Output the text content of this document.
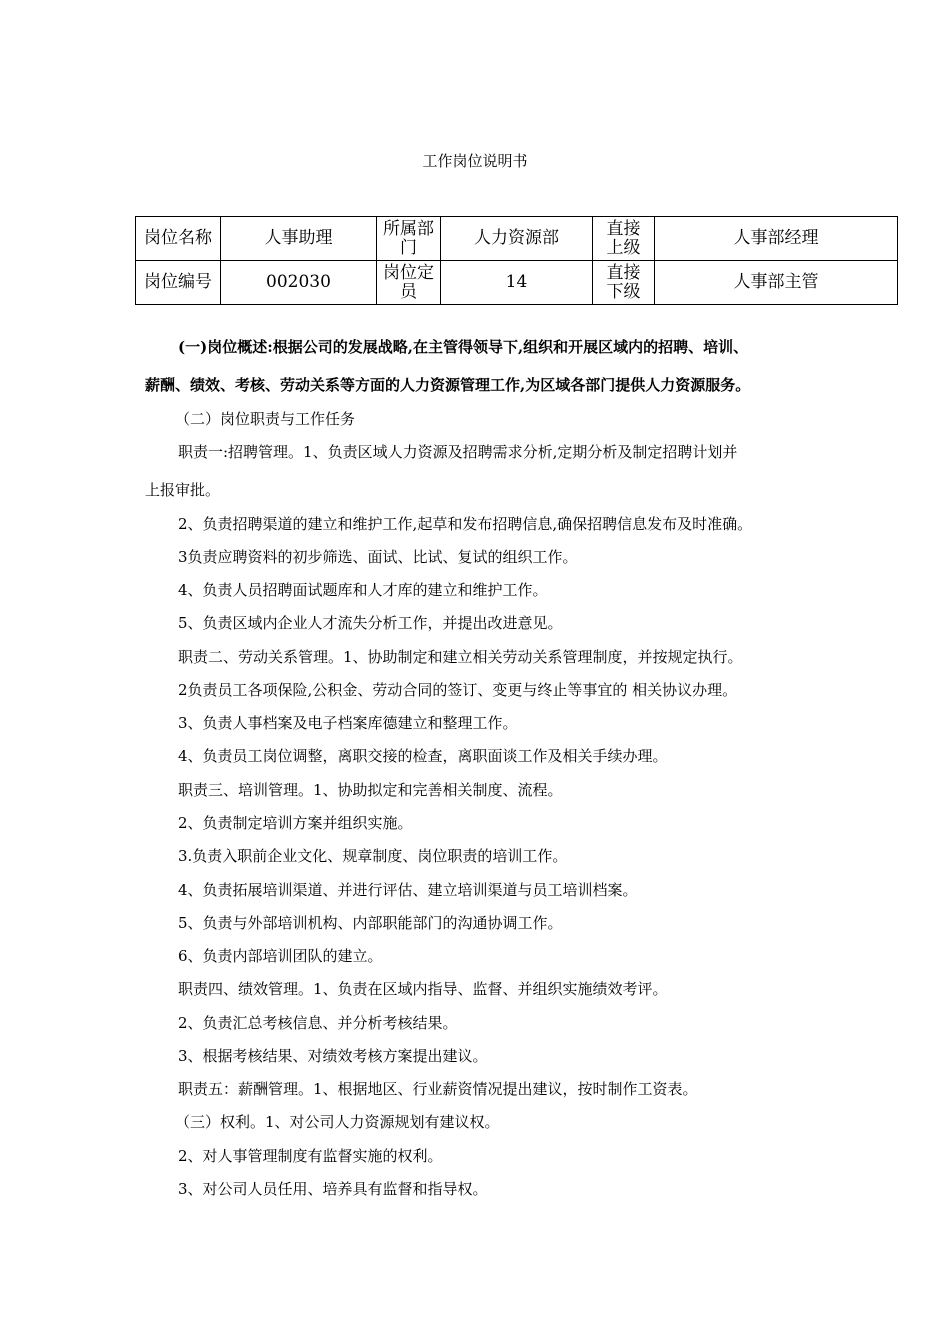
工作岗位说明书
岗位名称	人事助理	所属部门	人力资源部	直接上级	人事部经理
岗位编号	002030	岗位定员	14	直接下级	人事部主管
(一)岗位概述:根据公司的发展战略,在主管得领导下,组织和开展区域内的招聘、培训、
薪酬、绩效、考核、劳动关系等方面的人力资源管理工作,为区域各部门提供人力资源服务。
（二）岗位职责与工作任务
职责一:招聘管理。1、负责区域人力资源及招聘需求分析,定期分析及制定招聘计划并
上报审批。
2、负责招聘渠道的建立和维护工作,起草和发布招聘信息,确保招聘信息发布及时准确。
3负责应聘资料的初步筛选、面试、比试、复试的组织工作。
4、负责人员招聘面试题库和人才库的建立和维护工作。
5、负责区域内企业人才流失分析工作，并提出改进意见。
职责二、劳动关系管理。1、协助制定和建立相关劳动关系管理制度，并按规定执行。
2负责员工各项保险,公积金、劳动合同的签订、变更与终止等事宜的 相关协议办理。
3、负责人事档案及电子档案库德建立和整理工作。
4、负责员工岗位调整，离职交接的检查，离职面谈工作及相关手续办理。
职责三、培训管理。1、协助拟定和完善相关制度、流程。
2、负责制定培训方案并组织实施。
3.负责入职前企业文化、规章制度、岗位职责的培训工作。
4、负责拓展培训渠道、并进行评估、建立培训渠道与员工培训档案。
5、负责与外部培训机构、内部职能部门的沟通协调工作。
6、负责内部培训团队的建立。
职责四、绩效管理。1、负责在区域内指导、监督、并组织实施绩效考评。
2、负责汇总考核信息、并分析考核结果。
3、根据考核结果、对绩效考核方案提出建议。
职责五：薪酬管理。1、根据地区、行业薪资情况提出建议，按时制作工资表。
（三）权利。1、对公司人力资源规划有建议权。
2、对人事管理制度有监督实施的权利。
3、对公司人员任用、培养具有监督和指导权。
